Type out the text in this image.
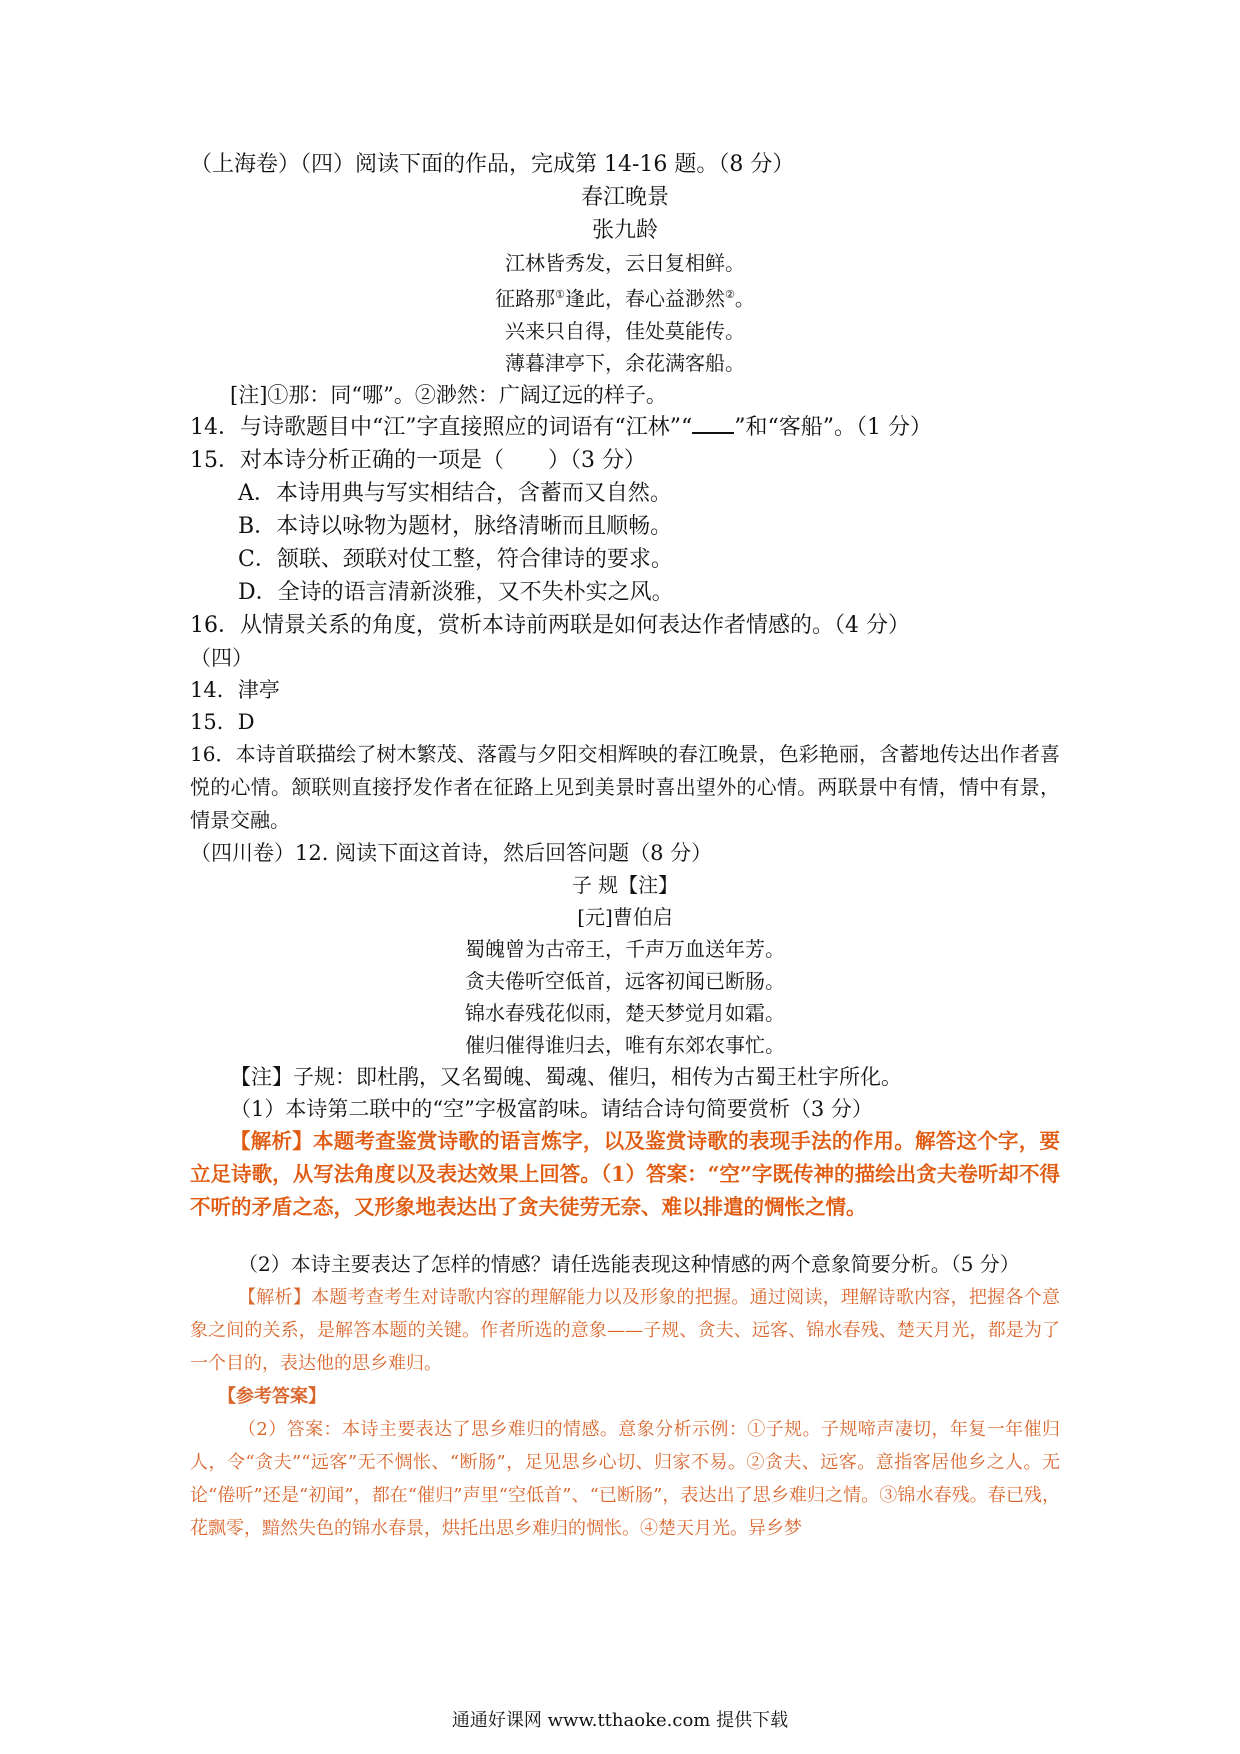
（上海卷）（四）阅读下面的作品，完成第 14-16 题。（8 分）
春江晚景
张九龄
江林皆秀发，云日复相鲜。
征路那①逢此，春心益渺然②。
兴来只自得，佳处莫能传。
薄暮津亭下，余花满客船。
[注]①那：同“哪”。②渺然：广阔辽远的样子。
14．与诗歌题目中“江”字直接照应的词语有“江林”“ ”和“客船”。（1 分）
15．对本诗分析正确的一项是（　　）（3 分）
A．本诗用典与写实相结合，含蓄而又自然。
B．本诗以咏物为题材，脉络清晰而且顺畅。
C．颔联、颈联对仗工整，符合律诗的要求。
D．全诗的语言清新淡雅，又不失朴实之风。
16．从情景关系的角度，赏析本诗前两联是如何表达作者情感的。（4 分）
（四）
14．津亭
15．D
16．本诗首联描绘了树木繁茂、落霞与夕阳交相辉映的春江晚景，色彩艳丽，含蓄地传达出作者喜悦的心情。颔联则直接抒发作者在征路上见到美景时喜出望外的心情。两联景中有情，情中有景，情景交融。
（四川卷）12. 阅读下面这首诗，然后回答问题（8 分）
子 规【注】
[元]曹伯启
蜀魄曾为古帝王，千声万血送年芳。
贪夫倦听空低首，远客初闻已断肠。
锦水春残花似雨，楚天梦觉月如霜。
催归催得谁归去，唯有东郊农事忙。
【注】子规：即杜鹃，又名蜀魄、蜀魂、催归，相传为古蜀王杜宇所化。
（1）本诗第二联中的“空”字极富韵味。请结合诗句简要赏析（3 分）
【解析】本题考查鉴赏诗歌的语言炼字，以及鉴赏诗歌的表现手法的作用。解答这个字，要立足诗歌，从写法角度以及表达效果上回答。（1）答案：“空”字既传神的描绘出贪夫卷听却不得不听的矛盾之态，又形象地表达出了贪夫徒劳无奈、难以排遣的惆怅之情。
（2）本诗主要表达了怎样的情感？请任选能表现这种情感的两个意象简要分析。（5 分）
【解析】本题考查考生对诗歌内容的理解能力以及形象的把握。通过阅读，理解诗歌内容，把握各个意象之间的关系，是解答本题的关键。作者所选的意象——子规、贪夫、远客、锦水春残、楚天月光，都是为了一个目的，表达他的思乡难归。
【参考答案】
（2）答案：本诗主要表达了思乡难归的情感。意象分析示例：①子规。子规啼声凄切，年复一年催归人，令“贪夫”“远客”无不惆怅、“断肠”，足见思乡心切、归家不易。②贪夫、远客。意指客居他乡之人。无论“倦听”还是“初闻”，都在“催归”声里“空低首”、“已断肠”，表达出了思乡难归之情。③锦水春残。春已残，花飘零，黯然失色的锦水春景，烘托出思乡难归的惆怅。④楚天月光。异乡梦
通通好课网 www.tthaoke.com 提供下载
